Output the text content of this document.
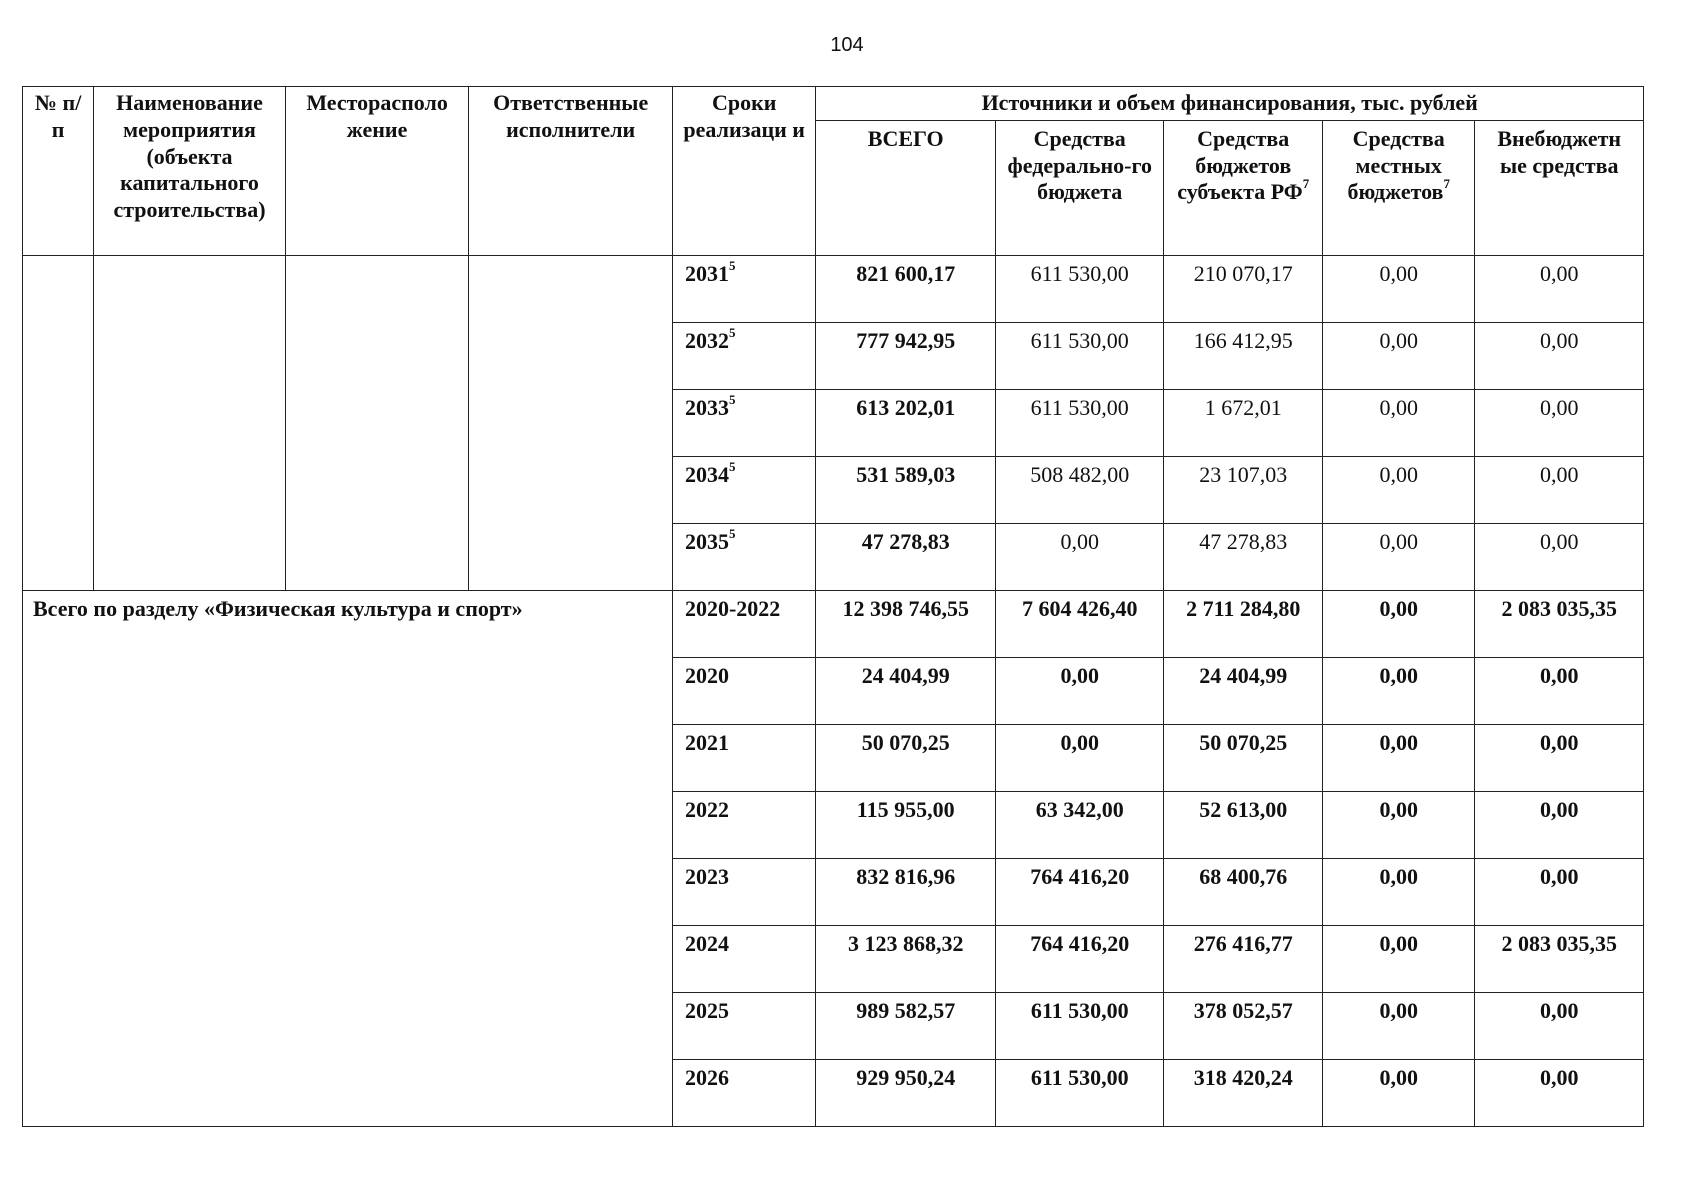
104
№ п/п	Наименование мероприятия (объекта капитального строительства)	Месторасполо жение	Ответственные исполнители	Сроки реализаци и	Источники и объем финансирования, тыс. рублей				
					ВСЕГО	Средства федерально-го бюджета	Средства бюджетов субъекта $РФ^7$	Средства местных бюджетов$^7$	Внебюджетн ые средства
				2031$^5$	821 600,17	611 530,00	210 070,17	0,00	0,00
				2032$^5$	777 942,95	611 530,00	166 412,95	0,00	0,00
				2033$^5$	613 202,01	611 530,00	1 672,01	0,00	0,00
				2034$^5$	531 589,03	508 482,00	23 107,03	0,00	0,00
				2035$^5$	47 278,83	0,00	47 278,83	0,00	0,00
Всего по разделу «Физическая культура и спорт»				2020-2022	12 398 746,55	7 604 426,40	2 711 284,80	0,00	2 083 035,35
				2020	24 404,99	0,00	24 404,99	0,00	0,00
				2021	50 070,25	0,00	50 070,25	0,00	0,00
				2022	115 955,00	63 342,00	52 613,00	0,00	0,00
				2023	832 816,96	764 416,20	68 400,76	0,00	0,00
				2024	3 123 868,32	764 416,20	276 416,77	0,00	2 083 035,35
				2025	989 582,57	611 530,00	378 052,57	0,00	0,00
				2026	929 950,24	611 530,00	318 420,24	0,00	0,00
